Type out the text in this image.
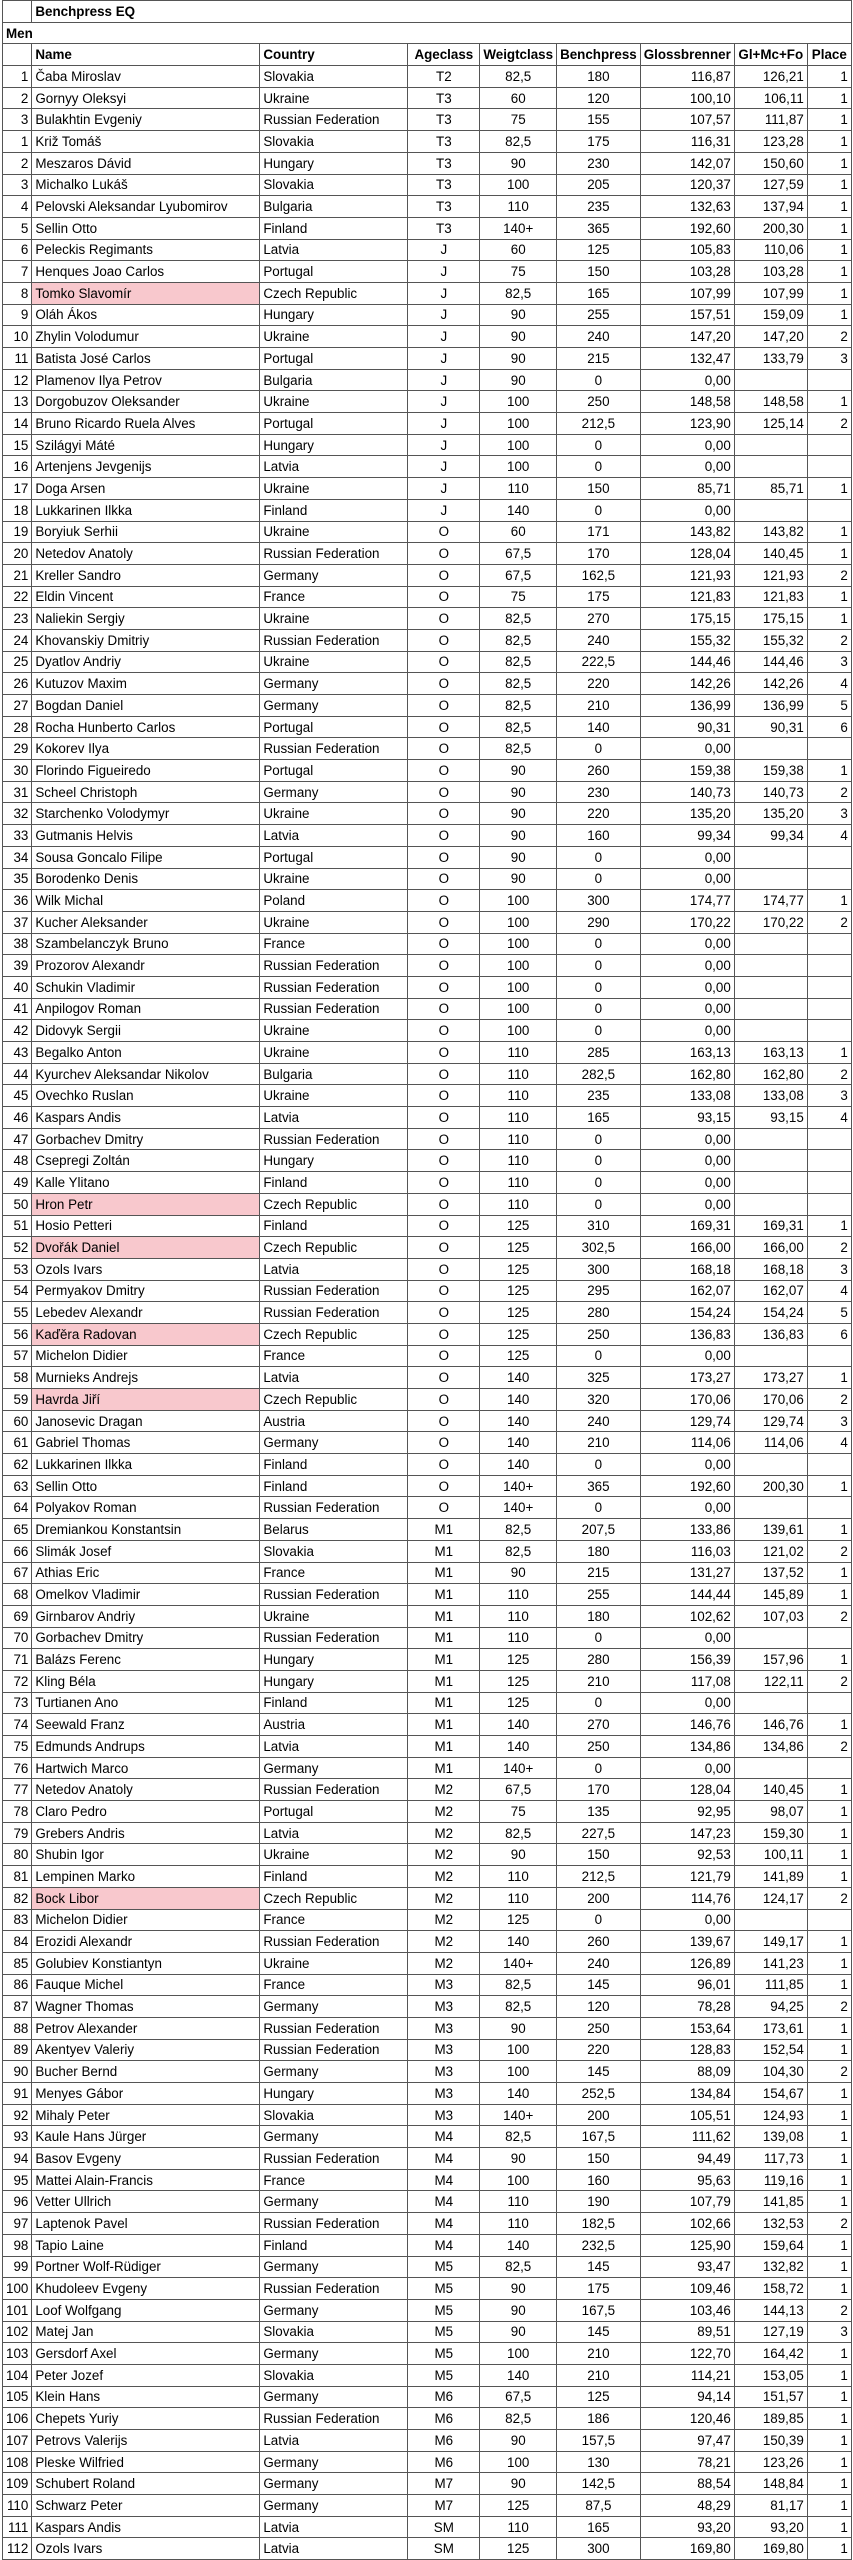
	Benchpress EQ							
Men								
	Name	Country	Ageclass	Weigtclass	Benchpress	Glossbrenner	Gl+Mc+Fo	Place
1	Čaba Miroslav	Slovakia	T2	82,5	180	116,87	126,21	1
2	Gornyy Oleksyi	Ukraine	T3	60	120	100,10	106,11	1
3	Bulakhtin Evgeniy	Russian Federation	T3	75	155	107,57	111,87	1
1	Križ Tomáš	Slovakia	T3	82,5	175	116,31	123,28	1
2	Meszaros Dávid	Hungary	T3	90	230	142,07	150,60	1
3	Michalko Lukáš	Slovakia	T3	100	205	120,37	127,59	1
4	Pelovski Aleksandar Lyubomirov	Bulgaria	T3	110	235	132,63	137,94	1
5	Sellin Otto	Finland	T3	140+	365	192,60	200,30	1
6	Peleckis Regimants	Latvia	J	60	125	105,83	110,06	1
7	Henques Joao Carlos	Portugal	J	75	150	103,28	103,28	1
8	Tomko Slavomír	Czech Republic	J	82,5	165	107,99	107,99	1
9	Oláh Ákos	Hungary	J	90	255	157,51	159,09	1
10	Zhylin Volodumur	Ukraine	J	90	240	147,20	147,20	2
11	Batista José Carlos	Portugal	J	90	215	132,47	133,79	3
12	Plamenov Ilya Petrov	Bulgaria	J	90	0	0,00		
13	Dorgobuzov Oleksander	Ukraine	J	100	250	148,58	148,58	1
14	Bruno Ricardo Ruela Alves	Portugal	J	100	212,5	123,90	125,14	2
15	Szilágyi Máté	Hungary	J	100	0	0,00		
16	Artenjens Jevgenijs	Latvia	J	100	0	0,00		
17	Doga Arsen	Ukraine	J	110	150	85,71	85,71	1
18	Lukkarinen Ilkka	Finland	J	140	0	0,00		
19	Boryiuk Serhii	Ukraine	O	60	171	143,82	143,82	1
20	Netedov Anatoly	Russian Federation	O	67,5	170	128,04	140,45	1
21	Kreller Sandro	Germany	O	67,5	162,5	121,93	121,93	2
22	Eldin Vincent	France	O	75	175	121,83	121,83	1
23	Naliekin Sergiy	Ukraine	O	82,5	270	175,15	175,15	1
24	Khovanskiy Dmitriy	Russian Federation	O	82,5	240	155,32	155,32	2
25	Dyatlov Andriy	Ukraine	O	82,5	222,5	144,46	144,46	3
26	Kutuzov Maxim	Germany	O	82,5	220	142,26	142,26	4
27	Bogdan Daniel	Germany	O	82,5	210	136,99	136,99	5
28	Rocha Hunberto Carlos	Portugal	O	82,5	140	90,31	90,31	6
29	Kokorev Ilya	Russian Federation	O	82,5	0	0,00		
30	Florindo Figueiredo	Portugal	O	90	260	159,38	159,38	1
31	Scheel Christoph	Germany	O	90	230	140,73	140,73	2
32	Starchenko Volodymyr	Ukraine	O	90	220	135,20	135,20	3
33	Gutmanis Helvis	Latvia	O	90	160	99,34	99,34	4
34	Sousa Goncalo Filipe	Portugal	O	90	0	0,00		
35	Borodenko Denis	Ukraine	O	90	0	0,00		
36	Wilk Michal	Poland	O	100	300	174,77	174,77	1
37	Kucher Aleksander	Ukraine	O	100	290	170,22	170,22	2
38	Szambelanczyk Bruno	France	O	100	0	0,00		
39	Prozorov Alexandr	Russian Federation	O	100	0	0,00		
40	Schukin Vladimir	Russian Federation	O	100	0	0,00		
41	Anpilogov Roman	Russian Federation	O	100	0	0,00		
42	Didovyk Sergii	Ukraine	O	100	0	0,00		
43	Begalko Anton	Ukraine	O	110	285	163,13	163,13	1
44	Kyurchev Aleksandar Nikolov	Bulgaria	O	110	282,5	162,80	162,80	2
45	Ovechko Ruslan	Ukraine	O	110	235	133,08	133,08	3
46	Kaspars Andis	Latvia	O	110	165	93,15	93,15	4
47	Gorbachev Dmitry	Russian Federation	O	110	0	0,00		
48	Csepregi Zoltán	Hungary	O	110	0	0,00		
49	Kalle Ylitano	Finland	O	110	0	0,00		
50	Hron Petr	Czech Republic	O	110	0	0,00		
51	Hosio Petteri	Finland	O	125	310	169,31	169,31	1
52	Dvořák Daniel	Czech Republic	O	125	302,5	166,00	166,00	2
53	Ozols Ivars	Latvia	O	125	300	168,18	168,18	3
54	Permyakov Dmitry	Russian Federation	O	125	295	162,07	162,07	4
55	Lebedev Alexandr	Russian Federation	O	125	280	154,24	154,24	5
56	Kaďěra Radovan	Czech Republic	O	125	250	136,83	136,83	6
57	Michelon Didier	France	O	125	0	0,00		
58	Murnieks Andrejs	Latvia	O	140	325	173,27	173,27	1
59	Havrda Jiří	Czech Republic	O	140	320	170,06	170,06	2
60	Janosevic Dragan	Austria	O	140	240	129,74	129,74	3
61	Gabriel Thomas	Germany	O	140	210	114,06	114,06	4
62	Lukkarinen Ilkka	Finland	O	140	0	0,00		
63	Sellin Otto	Finland	O	140+	365	192,60	200,30	1
64	Polyakov Roman	Russian Federation	O	140+	0	0,00		
65	Dremiankou Konstantsin	Belarus	M1	82,5	207,5	133,86	139,61	1
66	Slimák Josef	Slovakia	M1	82,5	180	116,03	121,02	2
67	Athias Eric	France	M1	90	215	131,27	137,52	1
68	Omelkov Vladimir	Russian Federation	M1	110	255	144,44	145,89	1
69	Girnbarov Andriy	Ukraine	M1	110	180	102,62	107,03	2
70	Gorbachev Dmitry	Russian Federation	M1	110	0	0,00		
71	Balázs Ferenc	Hungary	M1	125	280	156,39	157,96	1
72	Kling Béla	Hungary	M1	125	210	117,08	122,11	2
73	Turtianen Ano	Finland	M1	125	0	0,00		
74	Seewald Franz	Austria	M1	140	270	146,76	146,76	1
75	Edmunds Andrups	Latvia	M1	140	250	134,86	134,86	2
76	Hartwich Marco	Germany	M1	140+	0	0,00		
77	Netedov Anatoly	Russian Federation	M2	67,5	170	128,04	140,45	1
78	Claro Pedro	Portugal	M2	75	135	92,95	98,07	1
79	Grebers Andris	Latvia	M2	82,5	227,5	147,23	159,30	1
80	Shubin Igor	Ukraine	M2	90	150	92,53	100,11	1
81	Lempinen Marko	Finland	M2	110	212,5	121,79	141,89	1
82	Bock Libor	Czech Republic	M2	110	200	114,76	124,17	2
83	Michelon Didier	France	M2	125	0	0,00		
84	Erozidi Alexandr	Russian Federation	M2	140	260	139,67	149,17	1
85	Golubiev Konstiantyn	Ukraine	M2	140+	240	126,89	141,23	1
86	Fauque Michel	France	M3	82,5	145	96,01	111,85	1
87	Wagner Thomas	Germany	M3	82,5	120	78,28	94,25	2
88	Petrov Alexander	Russian Federation	M3	90	250	153,64	173,61	1
89	Akentyev Valeriy	Russian Federation	M3	100	220	128,83	152,54	1
90	Bucher Bernd	Germany	M3	100	145	88,09	104,30	2
91	Menyes Gábor	Hungary	M3	140	252,5	134,84	154,67	1
92	Mihaly Peter	Slovakia	M3	140+	200	105,51	124,93	1
93	Kaule Hans Jürger	Germany	M4	82,5	167,5	111,62	139,08	1
94	Basov Evgeny	Russian Federation	M4	90	150	94,49	117,73	1
95	Mattei Alain-Francis	France	M4	100	160	95,63	119,16	1
96	Vetter Ullrich	Germany	M4	110	190	107,79	141,85	1
97	Laptenok Pavel	Russian Federation	M4	110	182,5	102,66	132,53	2
98	Tapio Laine	Finland	M4	140	232,5	125,90	159,64	1
99	Portner Wolf-Rüdiger	Germany	M5	82,5	145	93,47	132,82	1
100	Khudoleev Evgeny	Russian Federation	M5	90	175	109,46	158,72	1
101	Loof Wolfgang	Germany	M5	90	167,5	103,46	144,13	2
102	Matej Jan	Slovakia	M5	90	145	89,51	127,19	3
103	Gersdorf Axel	Germany	M5	100	210	122,70	164,42	1
104	Peter Jozef	Slovakia	M5	140	210	114,21	153,05	1
105	Klein Hans	Germany	M6	67,5	125	94,14	151,57	1
106	Chepets Yuriy	Russian Federation	M6	82,5	186	120,46	189,85	1
107	Petrovs Valerijs	Latvia	M6	90	157,5	97,47	150,39	1
108	Pleske Wilfried	Germany	M6	100	130	78,21	123,26	1
109	Schubert Roland	Germany	M7	90	142,5	88,54	148,84	1
110	Schwarz Peter	Germany	M7	125	87,5	48,29	81,17	1
111	Kaspars Andis	Latvia	SM	110	165	93,20	93,20	1
112	Ozols Ivars	Latvia	SM	125	300	169,80	169,80	1
